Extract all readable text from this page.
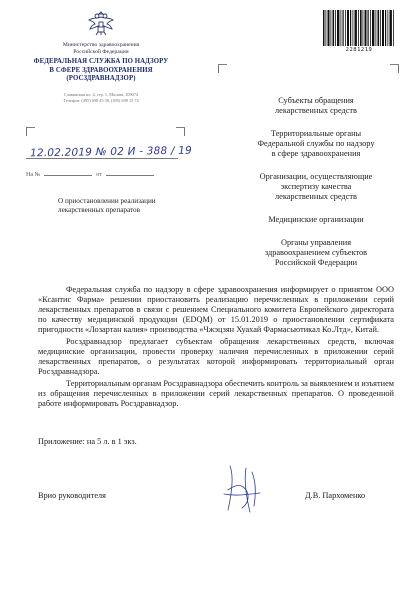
Министерство здравоохранения
Российской Федерации
ФЕДЕРАЛЬНАЯ СЛУЖБА ПО НАДЗОРУ
В СФЕРЕ ЗДРАВООХРАНЕНИЯ
(РОСЗДРАВНАДЗОР)
Славянская пл. 4, стр. 1, Москва, 109074
Телефон: (495) 698 45 38, (495) 698 15 74
12.02.2019 № 02 И - 388 / 19
На №	от
2281219
Субъекты обращения
лекарственных средств
Территориальные органы
Федеральной службы по надзору
в сфере здравоохранения
Организации, осуществляющие
экспертизу качества
лекарственных средств
Медицинские организации
Органы управления
здравоохранением субъектов
Российской Федерации
О приостановлении реализации
лекарственных препаратов

Федеральная служба по надзору в сфере здравоохранения информирует о принятом ООО «Ксантис Фарма» решении приостановить реализацию перечисленных в приложении серий лекарственных препаратов в связи с решением Специального комитета Европейского директората по качеству медицинской продукции (EDQM) от 15.01.2019 о приостановлении сертификата пригодности «Лозартан калия» производства «Чжэцзян Хуахай Фармасьютикал Ко.Лтд», Китай.

Росздравнадзор предлагает субъектам обращения лекарственных средств, включая медицинские организации, провести проверку наличия перечисленных в приложении серий лекарственных препаратов, о результатах которой информировать территориальный орган Росздравнадзора.

Территориальным органам Росздравнадзора обеспечить контроль за выявлением и изъятием из обращения перечисленных в приложении серий лекарственных препаратов. О проведенной работе информировать Росздравнадзор.

Приложение: на 5 л. в 1 экз.
Врио руководителя	Д.В. Пархоменко
